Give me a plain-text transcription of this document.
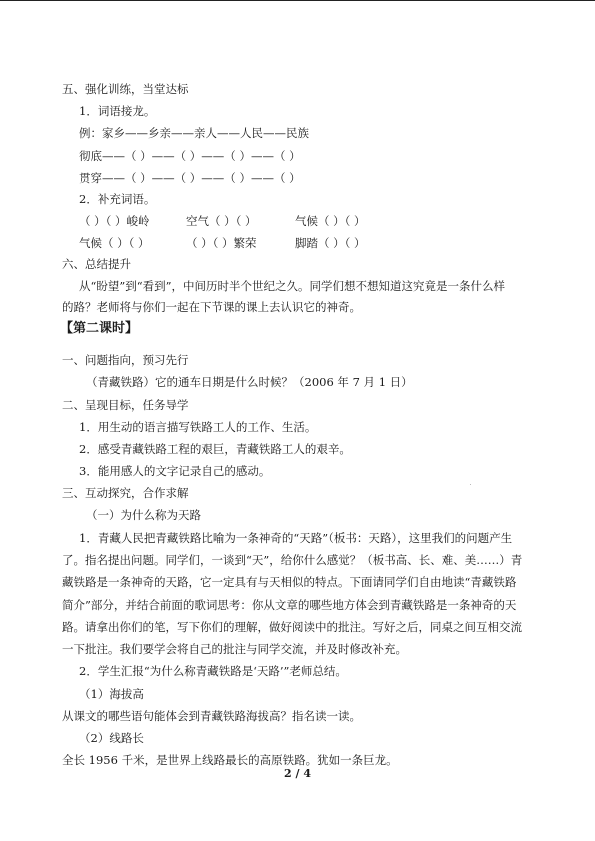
五、强化训练，当堂达标
1．词语接龙。
例：家乡——乡亲——亲人——人民——民族
彻底——（ ）——（ ）——（ ）——（ ）
贯穿——（ ）——（ ）——（ ）——（ ）
2．补充词语。
（ ）（ ）峻岭	空气（ ）（ ）	气候（ ）（ ）
气候（ ）（ ）	（ ）（ ）繁荣	脚踏（ ）（ ）
六、总结提升
从“盼望”到“看到”，中间历时半个世纪之久。同学们想不想知道这究竟是一条什么样
的路？老师将与你们一起在下节课的课上去认识它的神奇。
【第二课时】
一、问题指向，预习先行
（青藏铁路）它的通车日期是什么时候？（2006 年 7 月 1 日）
二、呈现目标，任务导学
1．用生动的语言描写铁路工人的工作、生活。
2．感受青藏铁路工程的艰巨，青藏铁路工人的艰辛。
3．能用感人的文字记录自己的感动。
三、互动探究，合作求解
（一）为什么称为天路
1．青藏人民把青藏铁路比喻为一条神奇的“天路”（板书：天路），这里我们的问题产生
了。指名提出问题。同学们，一谈到“天”，给你什么感觉？（板书高、长、难、美……）青
藏铁路是一条神奇的天路，它一定具有与天相似的特点。下面请同学们自由地读“青藏铁路
简介”部分，并结合前面的歌词思考：你从文章的哪些地方体会到青藏铁路是一条神奇的天
路。请拿出你们的笔，写下你们的理解，做好阅读中的批注。写好之后，同桌之间互相交流
一下批注。我们要学会将自己的批注与同学交流，并及时修改补充。
2．学生汇报“为什么称青藏铁路是‘天路’”老师总结。
（1）海拔高
从课文的哪些语句能体会到青藏铁路海拔高？指名读一读。
（2）线路长
全长 1956 千米，是世界上线路最长的高原铁路。犹如一条巨龙。
2 / 4
